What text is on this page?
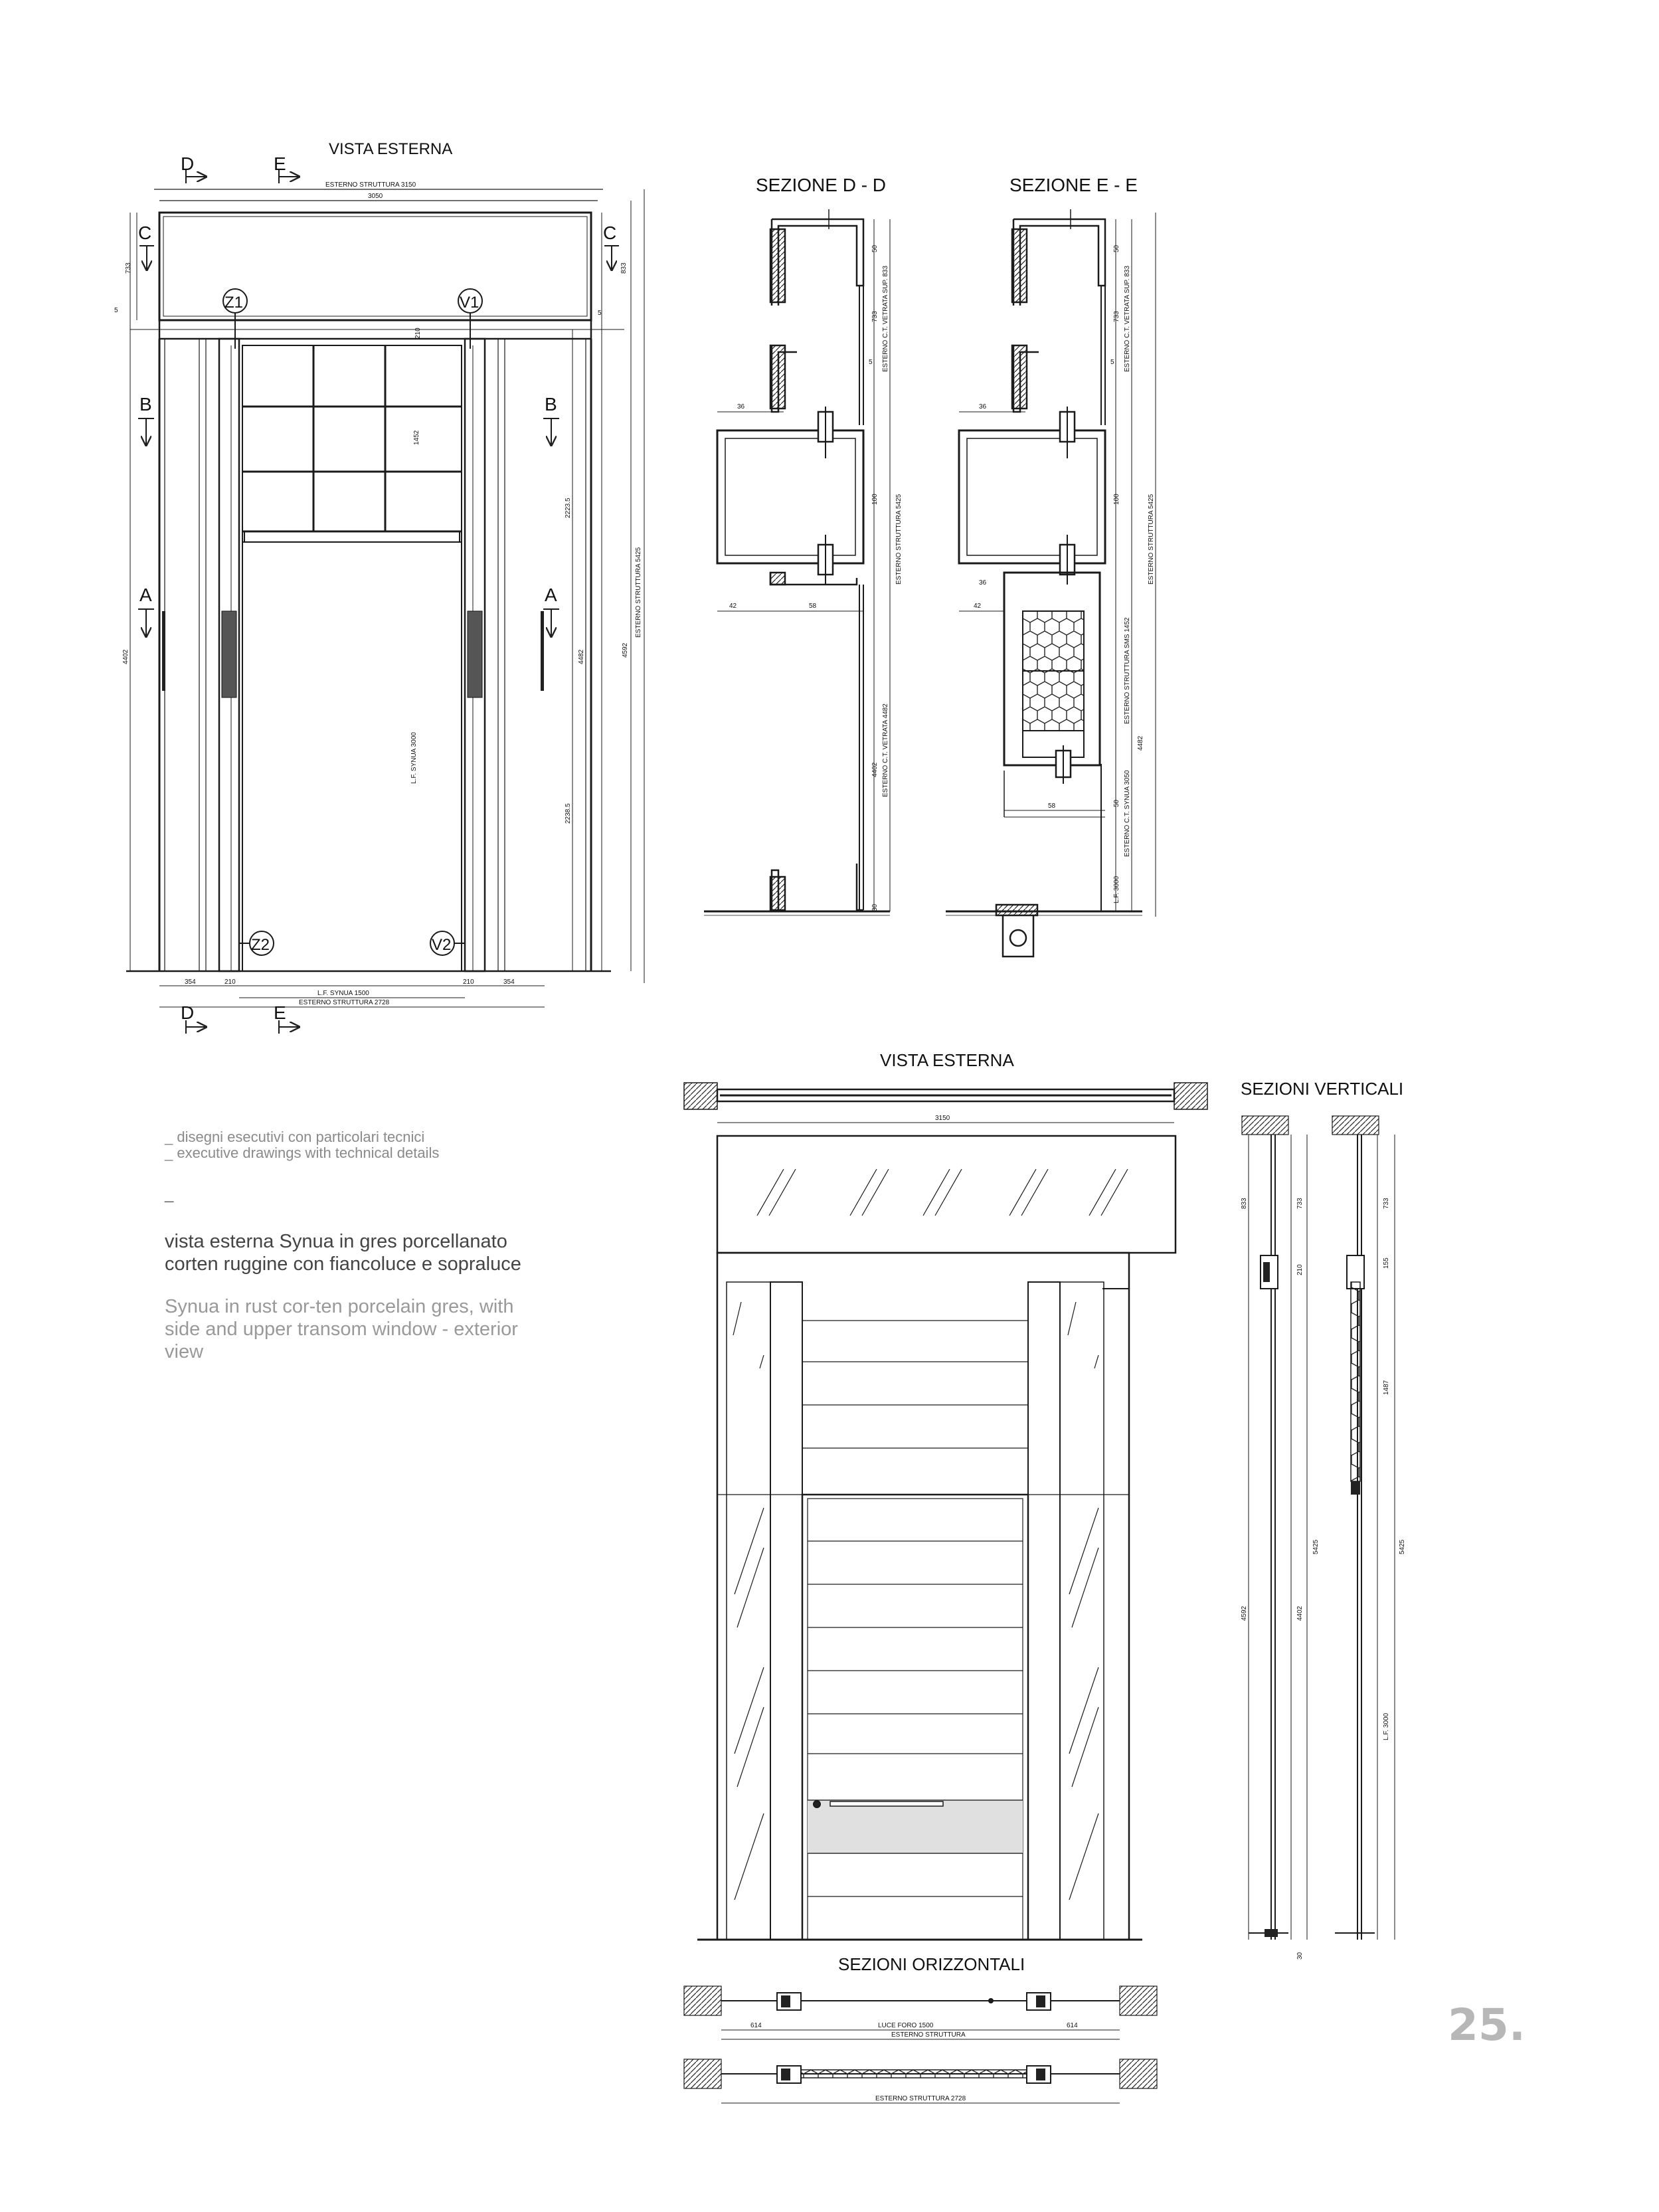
VISTA ESTERNA
D	E
ESTERNO STRUTTURA 3150
3050
C	C
733
5	5
833
Z1	V1
1452
210
L.F. SYNUA 3000
B	B
A	A
2223.5
2238.5
4482	4592
ESTERNO STRUTTURA 5425
4402
Z2	V2
354	210	210	354
L.F. SYNUA 1500
ESTERNO STRUTTURA 2728
D	E
SEZIONE D - D
50
733 ESTERNO C.T. VETRATA SUP. 833
5
36
100
42	58
ESTERNO STRUTTURA 5425
4402 ESTERNO C.T. VETRATA 4482
30
SEZIONE E - E
50
733 ESTERNO C.T. VETRATA SUP. 833
5
36
100
36
42
ESTERNO STRUTTURA SMS 1452
4482
58	50 ESTERNO C.T. SYNUA 3050
L.F. 3000
ESTERNO STRUTTURA 5425
VISTA ESTERNA
3150
SEZIONI VERTICALI
833	733
210
733
155
1487
4592	4402
5425	5425
L.F. 3000
30
SEZIONI ORIZZONTALI
614	LUCE FORO 1500	614
ESTERNO STRUTTURA
ESTERNO STRUTTURA 2728

_ disegni esecutivi con particolari tecnici

_ executive drawings with technical details

_

vista esterna Synua in gres porcellanato corten ruggine con fiancoluce e sopraluce

Synua in rust cor-ten porcelain gres, with side and upper transom window - exterior view

25.
